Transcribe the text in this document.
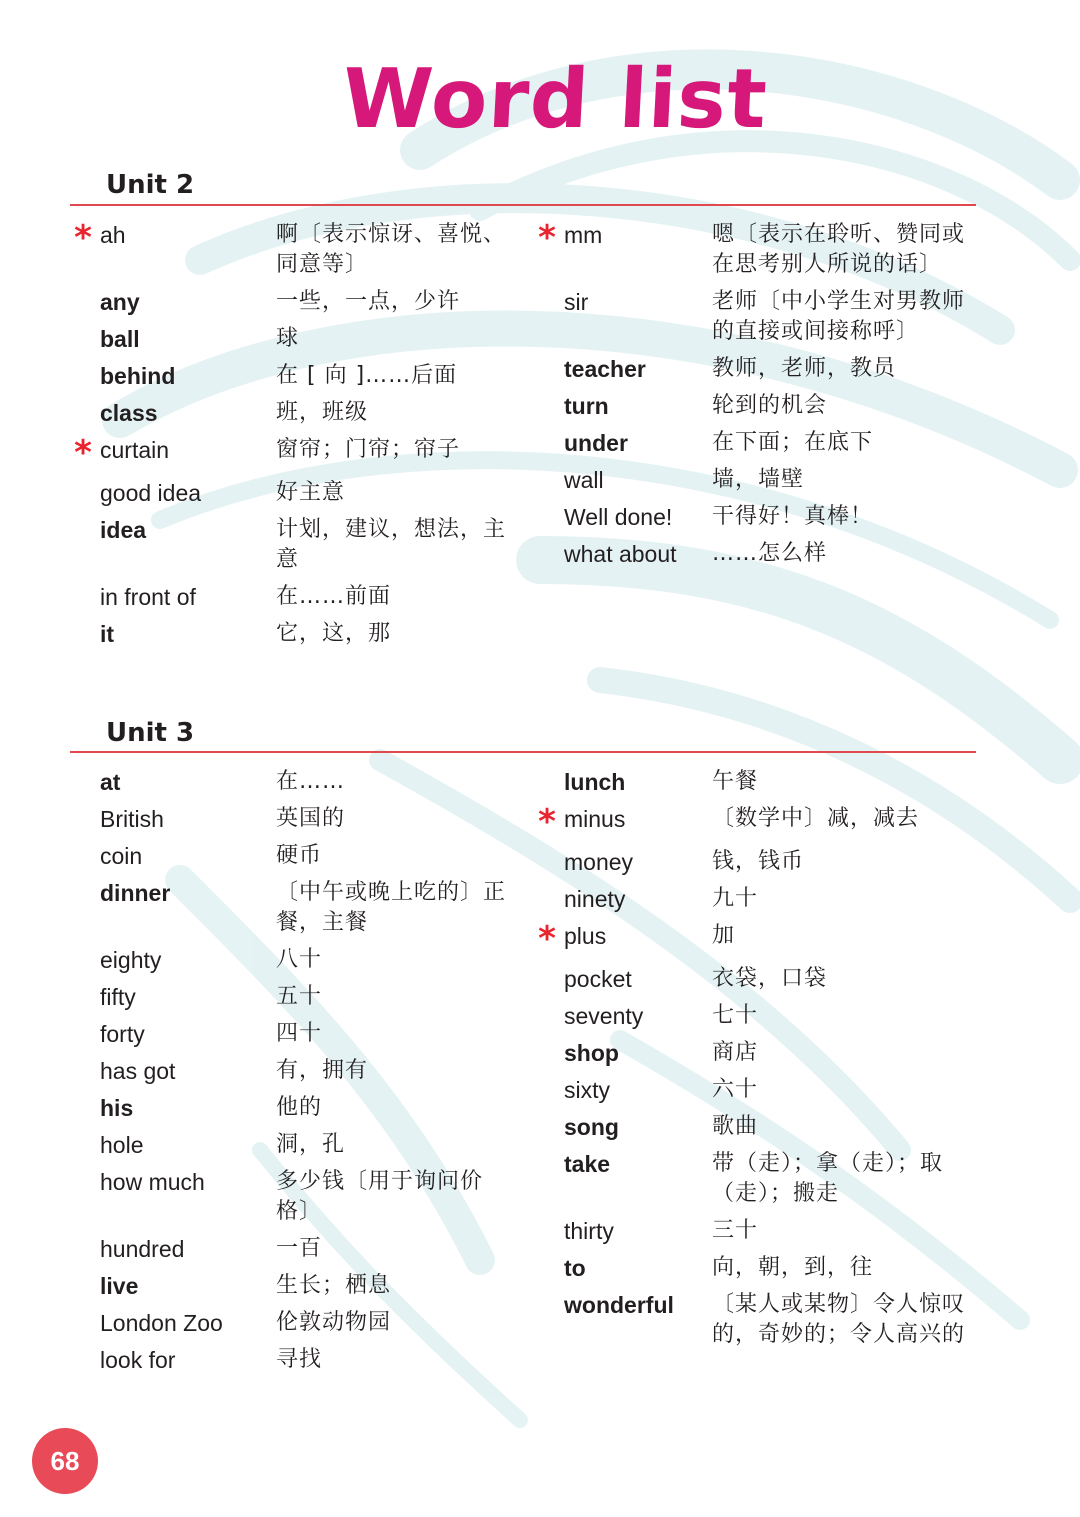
Word list
Unit 2
* ah	啊〔表示惊讶、喜悦、同意等〕
any	一些，一点，少许
ball	球
behind	在 [ 向 ]……后面
class	班，班级
* curtain	窗帘；门帘；帘子
good idea	好主意
idea	计划，建议，想法，主意
in front of	在……前面
it	它，这，那
* mm	嗯〔表示在聆听、赞同或在思考别人所说的话〕
sir	老师〔中小学生对男教师的直接或间接称呼〕
teacher	教师，老师，教员
turn	轮到的机会
under	在下面；在底下
wall	墙，墙壁
Well done!	干得好！真棒！
what about	……怎么样
Unit 3
at	在……
British	英国的
coin	硬币
dinner	〔中午或晚上吃的〕正餐，主餐
eighty	八十
fifty	五十
forty	四十
has got	有，拥有
his	他的
hole	洞，孔
how much	多少钱〔用于询问价格〕
hundred	一百
live	生长；栖息
London Zoo	伦敦动物园
look for	寻找
lunch	午餐
* minus	〔数学中〕减，减去
money	钱，钱币
ninety	九十
* plus	加
pocket	衣袋，口袋
seventy	七十
shop	商店
sixty	六十
song	歌曲
take	带（走）；拿（走）；取（走）；搬走
thirty	三十
to	向，朝，到，往
wonderful	〔某人或某物〕令人惊叹的，奇妙的；令人高兴的
68
